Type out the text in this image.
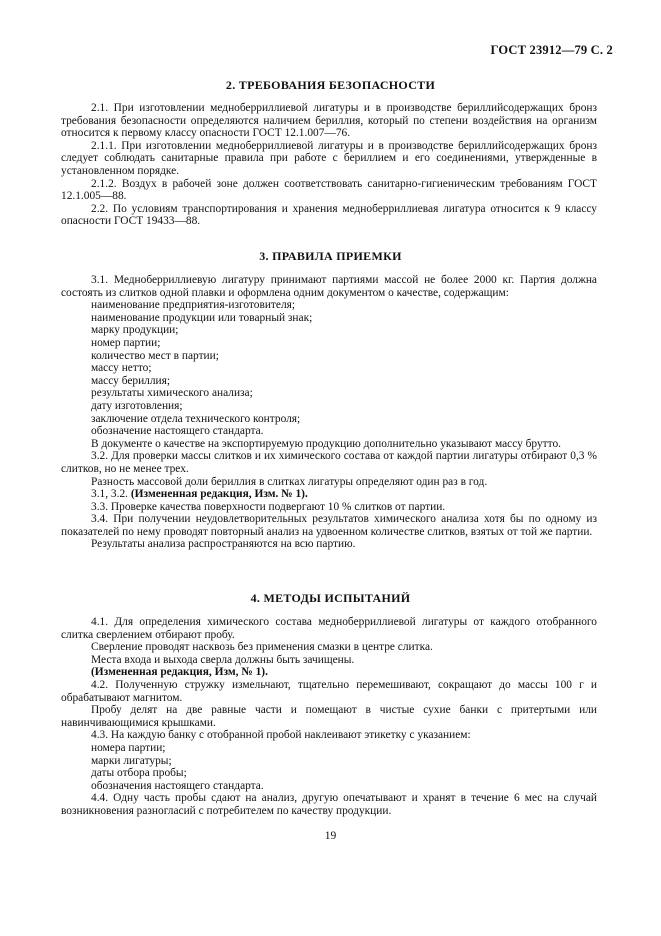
ГОСТ 23912—79 С. 2
2. ТРЕБОВАНИЯ БЕЗОПАСНОСТИ

2.1. При изготовлении медноберриллиевой лигатуры и в производстве бериллийсодержащих бронз требования безопасности определяются наличием бериллия, который по степени воздействия на организм относится к первому классу опасности ГОСТ 12.1.007—76.

2.1.1. При изготовлении медноберриллиевой лигатуры и в производстве бериллийсодержащих бронз следует соблюдать санитарные правила при работе с бериллием и его соединениями, утвержденные в установленном порядке.

2.1.2. Воздух в рабочей зоне должен соответствовать санитарно-гигиеническим требованиям ГОСТ 12.1.005—88.

2.2. По условиям транспортирования и хранения медноберриллиевая лигатура относится к 9 классу опасности ГОСТ 19433—88.

3. ПРАВИЛА ПРИЕМКИ

3.1. Медноберриллиевую лигатуру принимают партиями массой не более 2000 кг. Партия должна состоять из слитков одной плавки и оформлена одним документом о качестве, содержащим:

наименование предприятия-изготовителя;

наименование продукции или товарный знак;

марку продукции;

номер партии;

количество мест в партии;

массу нетто;

массу бериллия;

результаты химического анализа;

дату изготовления;

заключение отдела технического контроля;

обозначение настоящего стандарта.

В документе о качестве на экспортируемую продукцию дополнительно указывают массу брутто.

3.2. Для проверки массы слитков и их химического состава от каждой партии лигатуры отбирают 0,3 % слитков, но не менее трех.

Разность массовой доли бериллия в слитках лигатуры определяют один раз в год.

3.1, 3.2. (Измененная редакция, Изм. № 1).

3.3. Проверке качества поверхности подвергают 10 % слитков от партии.

3.4. При получении неудовлетворительных результатов химического анализа хотя бы по одному из показателей по нему проводят повторный анализ на удвоенном количестве слитков, взятых от той же партии.

Результаты анализа распространяются на всю партию.

4. МЕТОДЫ ИСПЫТАНИЙ

4.1. Для определения химического состава медноберриллиевой лигатуры от каждого отобранного слитка сверлением отбирают пробу.

Сверление проводят насквозь без применения смазки в центре слитка.

Места входа и выхода сверла должны быть зачищены.

(Измененная редакция, Изм, № 1).

4.2. Полученную стружку измельчают, тщательно перемешивают, сокращают до массы 100 г и обрабатывают магнитом.

Пробу делят на две равные части и помещают в чистые сухие банки с притертыми или навинчивающимися крышками.

4.3. На каждую банку с отобранной пробой наклеивают этикетку с указанием:

номера партии;

марки лигатуры;

даты отбора пробы;

обозначения настоящего стандарта.

4.4. Одну часть пробы сдают на анализ, другую опечатывают и хранят в течение 6 мес на случай возникновения разногласий с потребителем по качеству продукции.

19
